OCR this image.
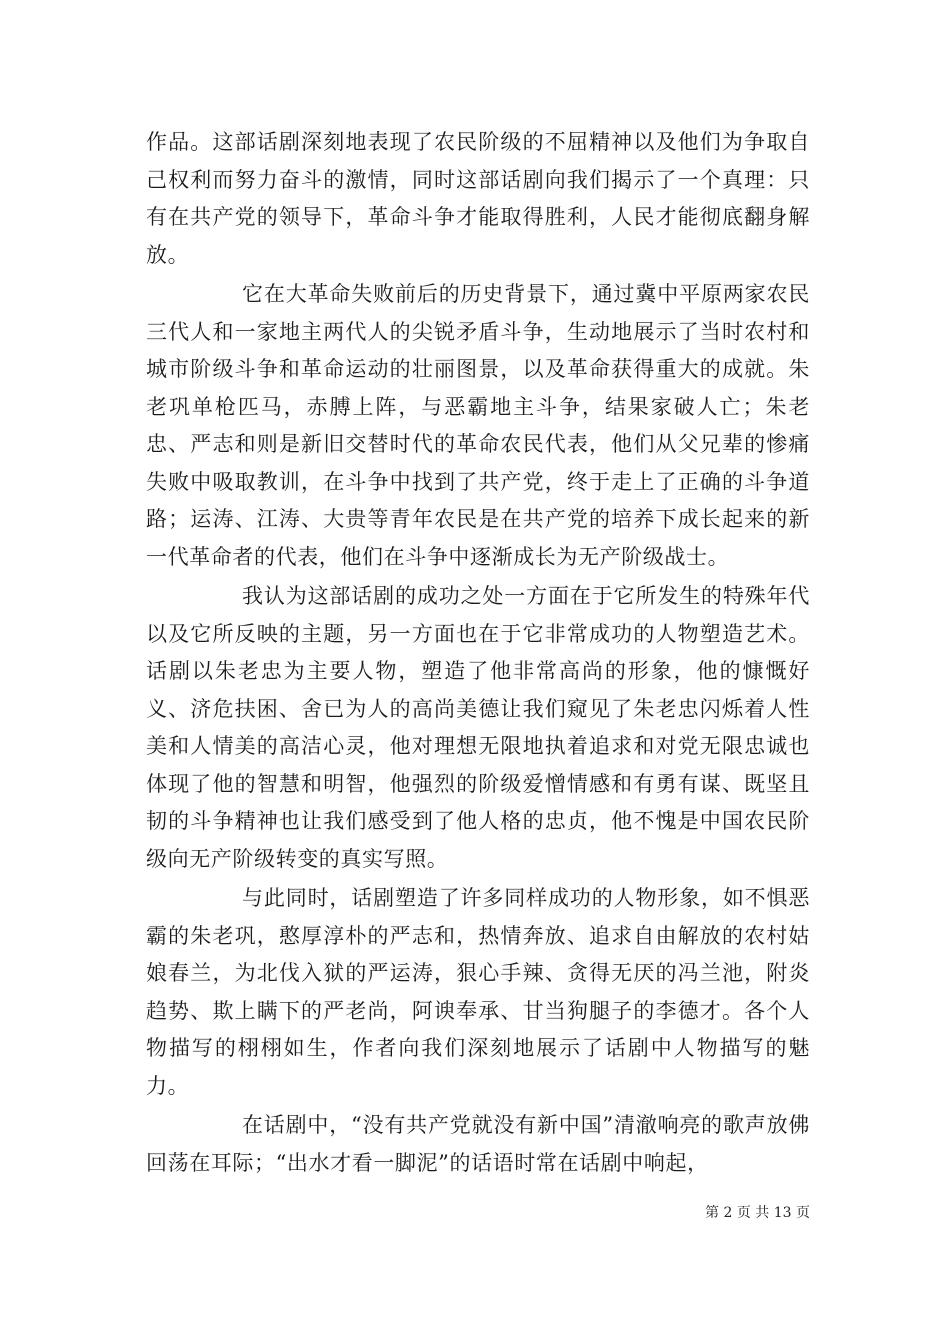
作品。这部话剧深刻地表现了农民阶级的不屈精神以及他们为争取自己权利而努力奋斗的激情，同时这部话剧向我们揭示了一个真理：只有在共产党的领导下，革命斗争才能取得胜利，人民才能彻底翻身解放。

它在大革命失败前后的历史背景下，通过冀中平原两家农民三代人和一家地主两代人的尖锐矛盾斗争，生动地展示了当时农村和城市阶级斗争和革命运动的壮丽图景，以及革命获得重大的成就。朱老巩单枪匹马，赤膊上阵，与恶霸地主斗争，结果家破人亡；朱老忠、严志和则是新旧交替时代的革命农民代表，他们从父兄辈的惨痛失败中吸取教训，在斗争中找到了共产党，终于走上了正确的斗争道路；运涛、江涛、大贵等青年农民是在共产党的培养下成长起来的新一代革命者的代表，他们在斗争中逐渐成长为无产阶级战士。

我认为这部话剧的成功之处一方面在于它所发生的特殊年代以及它所反映的主题，另一方面也在于它非常成功的人物塑造艺术。话剧以朱老忠为主要人物，塑造了他非常高尚的形象，他的慷慨好义、济危扶困、舍已为人的高尚美德让我们窥见了朱老忠闪烁着人性美和人情美的高洁心灵，他对理想无限地执着追求和对党无限忠诚也体现了他的智慧和明智，他强烈的阶级爱憎情感和有勇有谋、既坚且韧的斗争精神也让我们感受到了他人格的忠贞，他不愧是中国农民阶级向无产阶级转变的真实写照。

与此同时，话剧塑造了许多同样成功的人物形象，如不惧恶霸的朱老巩，憨厚淳朴的严志和，热情奔放、追求自由解放的农村姑娘春兰，为北伐入狱的严运涛，狠心手辣、贪得无厌的冯兰池，附炎趋势、欺上瞒下的严老尚，阿谀奉承、甘当狗腿子的李德才。各个人物描写的栩栩如生，作者向我们深刻地展示了话剧中人物描写的魅力。

在话剧中，“没有共产党就没有新中国”清澈响亮的歌声放佛回荡在耳际；“出水才看一脚泥”的话语时常在话剧中响起，

第 2 页 共 13 页
